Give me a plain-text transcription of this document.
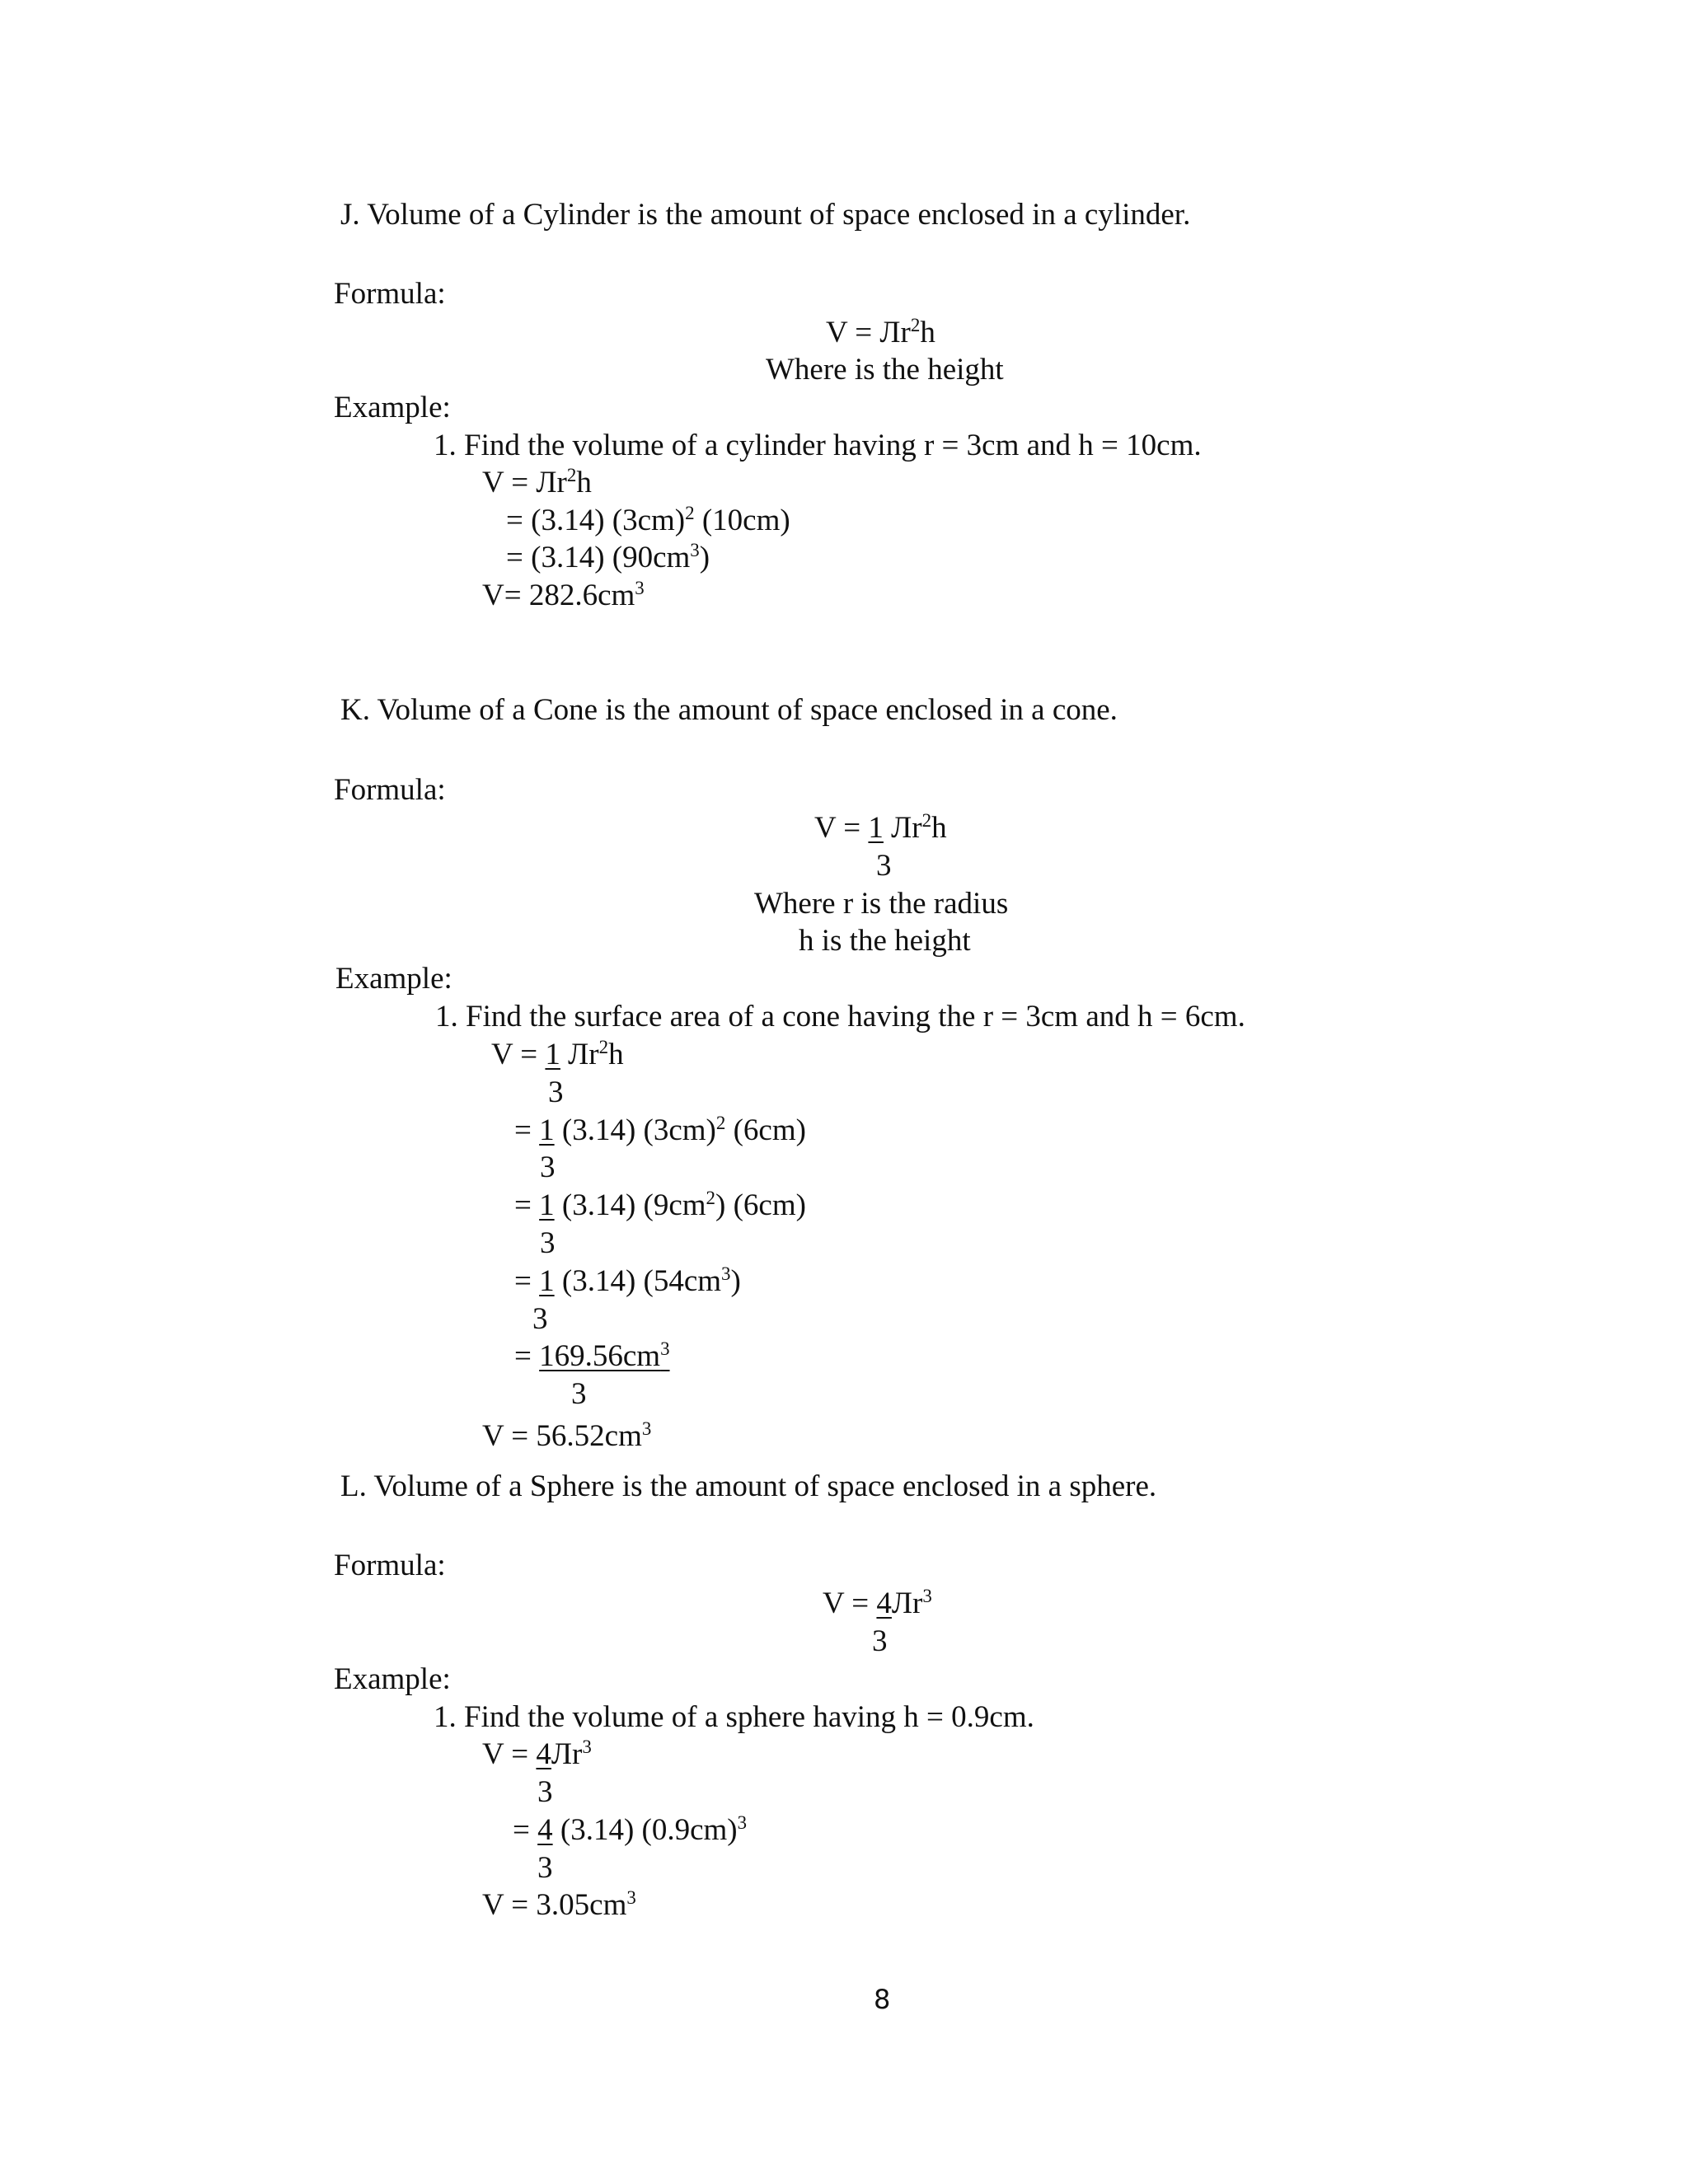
J. Volume of a Cylinder is the amount of space enclosed in a cylinder.
Formula:
$V = Лr^2h$
Where is the height
Example:
1. Find the volume of a cylinder having r = 3cm and h = 10cm.
$V = Лr^2h$
= (3.14) $(3cm)^2$ (10cm)
= (3.14) $(90cm^3)$
$V= 282.6cm^3$
K. Volume of a Cone is the amount of space enclosed in a cone.
Formula:
V = 1 $Лr^2h$
3
Where r is the radius
h is the height
Example:
1. Find the surface area of a cone having the r = 3cm and h = 6cm.
V = 1 $Лr^2h$
3
= 1 (3.14) $(3cm)^2$ (6cm)
3
= 1 (3.14) $(9cm^2)$ (6cm)
3
= 1 (3.14) $(54cm^3)$
3
= $169.56cm^3$
3
$V = 56.52cm^3$
L. Volume of a Sphere is the amount of space enclosed in a sphere.
Formula:
$V = 4Лr^3$
3
Example:
1. Find the volume of a sphere having h = 0.9cm.
$V = 4Лr^3$
3
= 4 (3.14) $(0.9cm)^3$
3
$V = 3.05cm^3$
8
